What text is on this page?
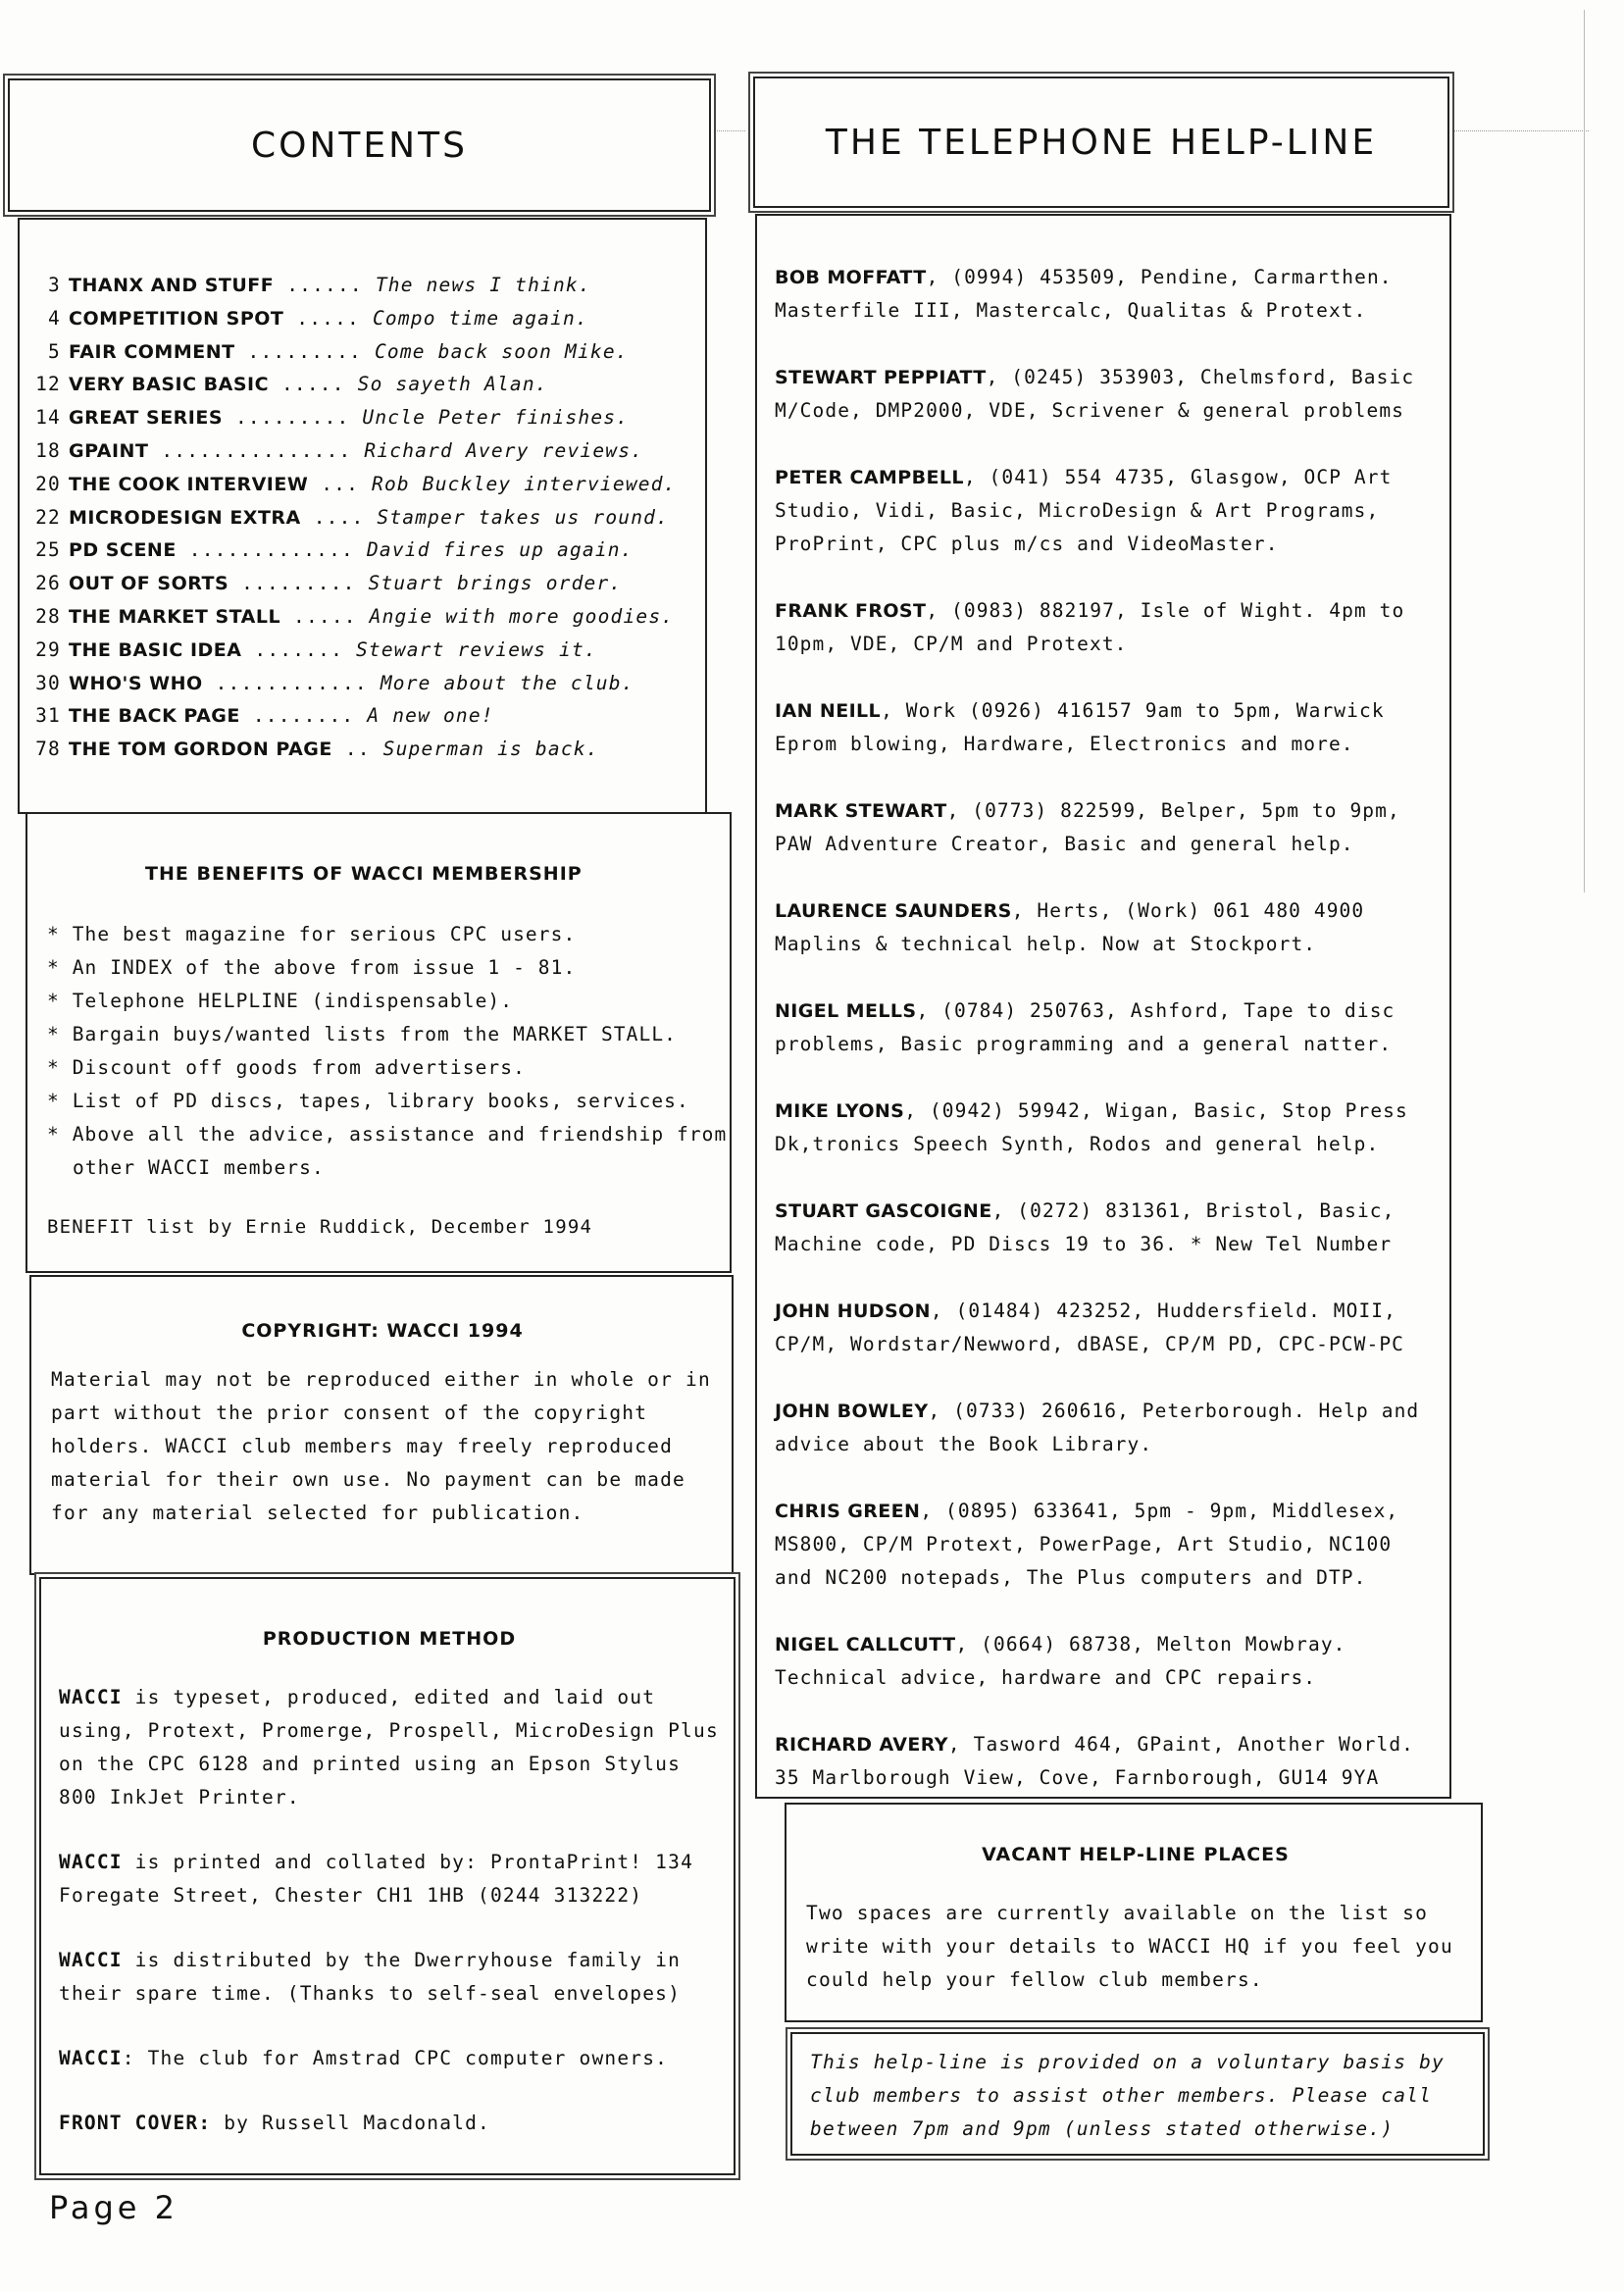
CONTENTS
3 THANX AND STUFF ...... The news I think.
4 COMPETITION SPOT ..... Compo time again.
5 FAIR COMMENT ......... Come back soon Mike.
12 VERY BASIC BASIC ..... So sayeth Alan.
14 GREAT SERIES ......... Uncle Peter finishes.
18 GPAINT ............... Richard Avery reviews.
20 THE COOK INTERVIEW ... Rob Buckley interviewed.
22 MICRODESIGN EXTRA .... Stamper takes us round.
25 PD SCENE ............. David fires up again.
26 OUT OF SORTS ......... Stuart brings order.
28 THE MARKET STALL ..... Angie with more goodies.
29 THE BASIC IDEA ....... Stewart reviews it.
30 WHO'S WHO ............ More about the club.
31 THE BACK PAGE ........ A new one!
78 THE TOM GORDON PAGE .. Superman is back.
THE BENEFITS OF WACCI MEMBERSHIP
* The best magazine for serious CPC users.
* An INDEX of the above from issue 1 - 81.
* Telephone HELPLINE (indispensable).
* Bargain buys/wanted lists from the MARKET STALL.
* Discount off goods from advertisers.
* List of PD discs, tapes, library books, services.
* Above all the advice, assistance and friendship from other WACCI members.
BENEFIT list by Ernie Ruddick, December 1994
COPYRIGHT: WACCI 1994

Material may not be reproduced either in whole or in part without the prior consent of the copyright holders. WACCI club members may freely reproduced material for their own use. No payment can be made for any material selected for publication.

PRODUCTION METHOD

WACCI is typeset, produced, edited and laid out using, Protext, Promerge, Prospell, MicroDesign Plus on the CPC 6128 and printed using an Epson Stylus 800 InkJet Printer.

WACCI is printed and collated by: ProntaPrint! 134 Foregate Street, Chester CH1 1HB (0244 313222)

WACCI is distributed by the Dwerryhouse family in their spare time. (Thanks to self-seal envelopes)

WACCI: The club for Amstrad CPC computer owners.

FRONT COVER: by Russell Macdonald.

THE TELEPHONE HELP-LINE
BOB MOFFATT, (0994) 453509, Pendine, Carmarthen. Masterfile III, Mastercalc, Qualitas & Protext.
STEWART PEPPIATT, (0245) 353903, Chelmsford, Basic M/Code, DMP2000, VDE, Scrivener & general problems
PETER CAMPBELL, (041) 554 4735, Glasgow, OCP Art Studio, Vidi, Basic, MicroDesign & Art Programs, ProPrint, CPC plus m/cs and VideoMaster.
FRANK FROST, (0983) 882197, Isle of Wight. 4pm to 10pm, VDE, CP/M and Protext.
IAN NEILL, Work (0926) 416157 9am to 5pm, Warwick Eprom blowing, Hardware, Electronics and more.
MARK STEWART, (0773) 822599, Belper, 5pm to 9pm, PAW Adventure Creator, Basic and general help.
LAURENCE SAUNDERS, Herts, (Work) 061 480 4900 Maplins & technical help. Now at Stockport.
NIGEL MELLS, (0784) 250763, Ashford, Tape to disc problems, Basic programming and a general natter.
MIKE LYONS, (0942) 59942, Wigan, Basic, Stop Press Dk,tronics Speech Synth, Rodos and general help.
STUART GASCOIGNE, (0272) 831361, Bristol, Basic, Machine code, PD Discs 19 to 36. * New Tel Number
JOHN HUDSON, (01484) 423252, Huddersfield. MOII, CP/M, Wordstar/Newword, dBASE, CP/M PD, CPC-PCW-PC
JOHN BOWLEY, (0733) 260616, Peterborough. Help and advice about the Book Library.
CHRIS GREEN, (0895) 633641, 5pm - 9pm, Middlesex, MS800, CP/M Protext, PowerPage, Art Studio, NC100 and NC200 notepads, The Plus computers and DTP.
NIGEL CALLCUTT, (0664) 68738, Melton Mowbray. Technical advice, hardware and CPC repairs.
RICHARD AVERY, Tasword 464, GPaint, Another World. 35 Marlborough View, Cove, Farnborough, GU14 9YA
VACANT HELP-LINE PLACES

Two spaces are currently available on the list so write with your details to WACCI HQ if you feel you could help your fellow club members.

This help-line is provided on a voluntary basis by club members to assist other members. Please call between 7pm and 9pm (unless stated otherwise.)

Page 2
